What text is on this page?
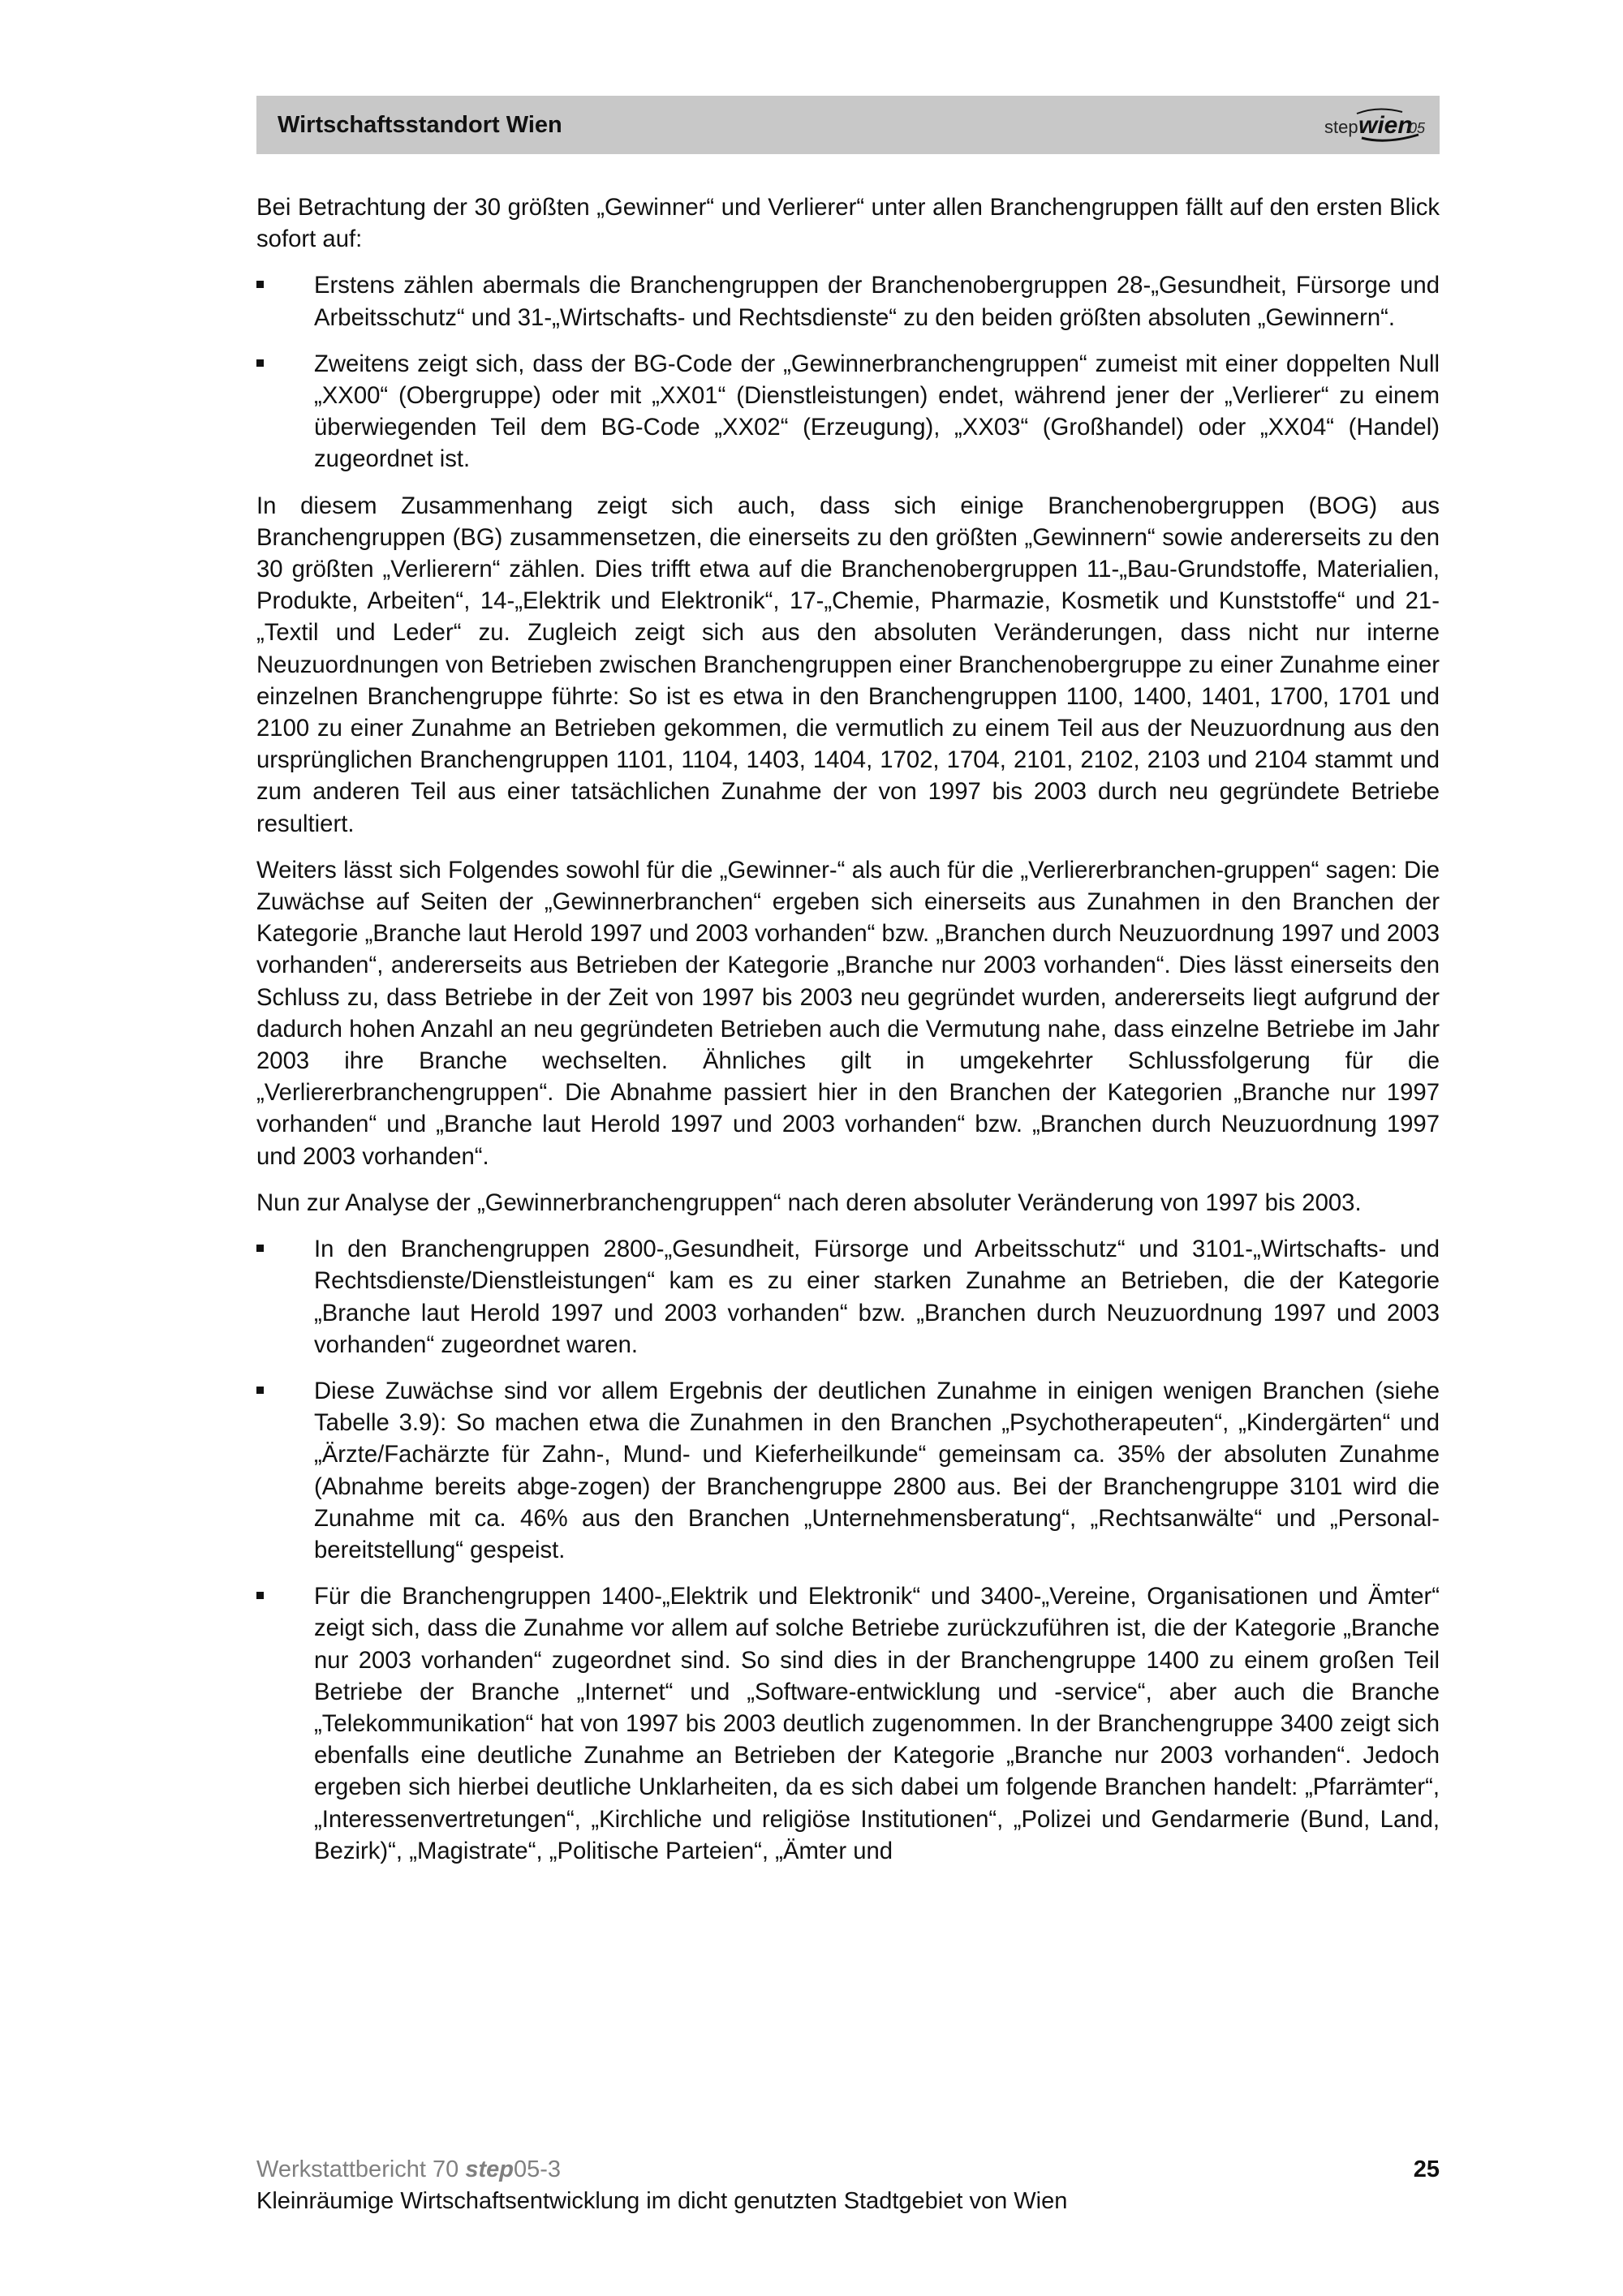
Wirtschaftsstandort Wien	step wien
05

Bei Betrachtung der 30 größten „Gewinner“ und Verlierer“ unter allen Branchengruppen fällt auf den ersten Blick sofort auf:

Erstens zählen abermals die Branchengruppen der Branchenobergruppen 28-„Gesundheit, Fürsorge und Arbeitsschutz“ und 31-„Wirtschafts- und Rechtsdienste“ zu den beiden größten absoluten „Gewinnern“.
Zweitens zeigt sich, dass der BG-Code der „Gewinnerbranchengruppen“ zumeist mit einer doppelten Null „XX00“ (Obergruppe) oder mit „XX01“ (Dienstleistungen) endet, während jener der „Verlierer“ zu einem überwiegenden Teil dem BG-Code „XX02“ (Erzeugung), „XX03“ (Großhandel) oder „XX04“ (Handel) zugeordnet ist.

In diesem Zusammenhang zeigt sich auch, dass sich einige Branchenobergruppen (BOG) aus Branchengruppen (BG) zusammensetzen, die einerseits zu den größten „Gewinnern“ sowie andererseits zu den 30 größten „Verlierern“ zählen. Dies trifft etwa auf die Branchenobergruppen 11-„Bau-Grundstoffe, Materialien, Produkte, Arbeiten“, 14-„Elektrik und Elektronik“, 17-„Chemie, Pharmazie, Kosmetik und Kunststoffe“ und 21-„Textil und Leder“ zu. Zugleich zeigt sich aus den absoluten Veränderungen, dass nicht nur interne Neuzuordnungen von Betrieben zwischen Branchengruppen einer Branchenobergruppe zu einer Zunahme einer einzelnen Branchengruppe führte: So ist es etwa in den Branchengruppen 1100, 1400, 1401, 1700, 1701 und 2100 zu einer Zunahme an Betrieben gekommen, die vermutlich zu einem Teil aus der Neuzuordnung aus den ursprünglichen Branchengruppen 1101, 1104, 1403, 1404, 1702, 1704, 2101, 2102, 2103 und 2104 stammt und zum anderen Teil aus einer tatsächlichen Zunahme der von 1997 bis 2003 durch neu gegründete Betriebe resultiert.

Weiters lässt sich Folgendes sowohl für die „Gewinner-“ als auch für die „Verliererbranchen-gruppen“ sagen: Die Zuwächse auf Seiten der „Gewinnerbranchen“ ergeben sich einerseits aus Zunahmen in den Branchen der Kategorie „Branche laut Herold 1997 und 2003 vorhanden“ bzw. „Branchen durch Neuzuordnung 1997 und 2003 vorhanden“, andererseits aus Betrieben der Kategorie „Branche nur 2003 vorhanden“. Dies lässt einerseits den Schluss zu, dass Betriebe in der Zeit von 1997 bis 2003 neu gegründet wurden, andererseits liegt aufgrund der dadurch hohen Anzahl an neu gegründeten Betrieben auch die Vermutung nahe, dass einzelne Betriebe im Jahr 2003 ihre Branche wechselten. Ähnliches gilt in umgekehrter Schlussfolgerung für die „Verliererbranchengruppen“. Die Abnahme passiert hier in den Branchen der Kategorien „Branche nur 1997 vorhanden“ und „Branche laut Herold 1997 und 2003 vorhanden“ bzw. „Branchen durch Neuzuordnung 1997 und 2003 vorhanden“.

Nun zur Analyse der „Gewinnerbranchengruppen“ nach deren absoluter Veränderung von 1997 bis 2003.

In den Branchengruppen 2800-„Gesundheit, Fürsorge und Arbeitsschutz“ und 3101-„Wirtschafts- und Rechtsdienste/Dienstleistungen“ kam es zu einer starken Zunahme an Betrieben, die der Kategorie „Branche laut Herold 1997 und 2003 vorhanden“ bzw. „Branchen durch Neuzuordnung 1997 und 2003 vorhanden“ zugeordnet waren.
Diese Zuwächse sind vor allem Ergebnis der deutlichen Zunahme in einigen wenigen Branchen (siehe Tabelle 3.9): So machen etwa die Zunahmen in den Branchen „Psychotherapeuten“, „Kindergärten“ und „Ärzte/Fachärzte für Zahn-, Mund- und Kieferheilkunde“ gemeinsam ca. 35% der absoluten Zunahme (Abnahme bereits abge-zogen) der Branchengruppe 2800 aus. Bei der Branchengruppe 3101 wird die Zunahme mit ca. 46% aus den Branchen „Unternehmensberatung“, „Rechtsanwälte“ und „Personal-bereitstellung“ gespeist.
Für die Branchengruppen 1400-„Elektrik und Elektronik“ und 3400-„Vereine, Organisationen und Ämter“ zeigt sich, dass die Zunahme vor allem auf solche Betriebe zurückzuführen ist, die der Kategorie „Branche nur 2003 vorhanden“ zugeordnet sind. So sind dies in der Branchengruppe 1400 zu einem großen Teil Betriebe der Branche „Internet“ und „Software-entwicklung und -service“, aber auch die Branche „Telekommunikation“ hat von 1997 bis 2003 deutlich zugenommen. In der Branchengruppe 3400 zeigt sich ebenfalls eine deutliche Zunahme an Betrieben der Kategorie „Branche nur 2003 vorhanden“. Jedoch ergeben sich hierbei deutliche Unklarheiten, da es sich dabei um folgende Branchen handelt: „Pfarrämter“, „Interessenvertretungen“, „Kirchliche und religiöse Institutionen“, „Polizei und Gendarmerie (Bund, Land, Bezirk)“, „Magistrate“, „Politische Parteien“, „Ämter und
Werkstattbericht 70 step05-3	25
Kleinräumige Wirtschaftsentwicklung im dicht genutzten Stadtgebiet von Wien
